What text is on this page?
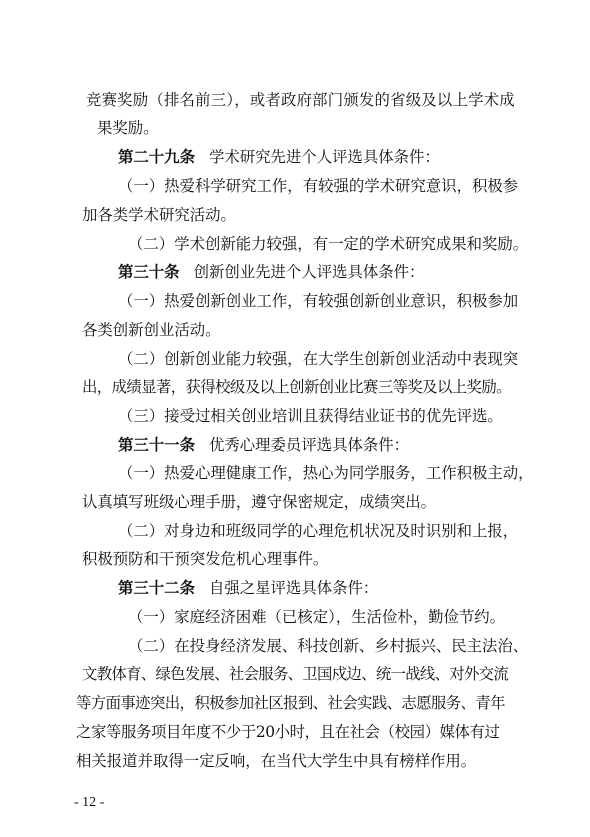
竞赛奖励（排名前三），或者政府部门颁发的省级及以上学术成
果奖励。
第二十九条 学术研究先进个人评选具体条件：
（一）热爱科学研究工作，有较强的学术研究意识，积极参
加各类学术研究活动。
（二）学术创新能力较强，有一定的学术研究成果和奖励。
第三十条 创新创业先进个人评选具体条件：
（一）热爱创新创业工作，有较强创新创业意识，积极参加
各类创新创业活动。
（二）创新创业能力较强，在大学生创新创业活动中表现突
出，成绩显著，获得校级及以上创新创业比赛三等奖及以上奖励。
（三）接受过相关创业培训且获得结业证书的优先评选。
第三十一条 优秀心理委员评选具体条件：
（一）热爱心理健康工作，热心为同学服务，工作积极主动，
认真填写班级心理手册，遵守保密规定，成绩突出。
（二）对身边和班级同学的心理危机状况及时识别和上报，
积极预防和干预突发危机心理事件。
第三十二条 自强之星评选具体条件：
（一）家庭经济困难（已核定），生活俭朴，勤俭节约。
（二）在投身经济发展、科技创新、乡村振兴、民主法治、
文教体育、绿色发展、社会服务、卫国戍边、统一战线、对外交流
等方面事迹突出，积极参加社区报到、社会实践、志愿服务、青年
之家等服务项目年度不少于20小时，且在社会（校园）媒体有过
相关报道并取得一定反响，在当代大学生中具有榜样作用。
- 12 -
